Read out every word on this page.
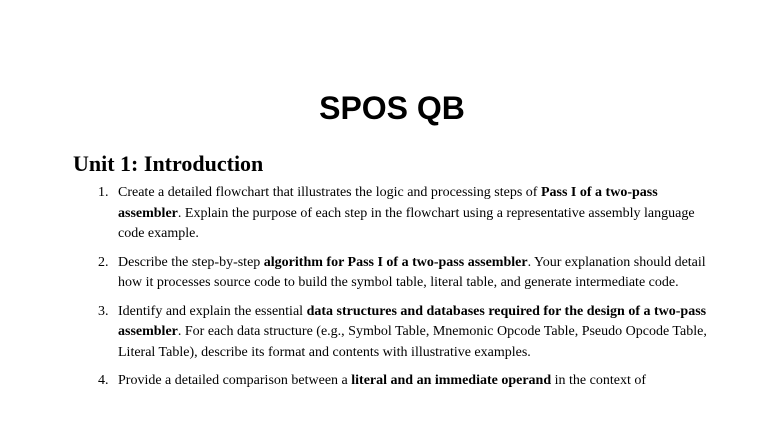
SPOS QB
Unit 1: Introduction
1. Create a detailed flowchart that illustrates the logic and processing steps of Pass I of a two-pass assembler. Explain the purpose of each step in the flowchart using a representative assembly language code example.
2. Describe the step-by-step algorithm for Pass I of a two-pass assembler. Your explanation should detail how it processes source code to build the symbol table, literal table, and generate intermediate code.
3. Identify and explain the essential data structures and databases required for the design of a two-pass assembler. For each data structure (e.g., Symbol Table, Mnemonic Opcode Table, Pseudo Opcode Table, Literal Table), describe its format and contents with illustrative examples.
4. Provide a detailed comparison between a literal and an immediate operand in the context of
